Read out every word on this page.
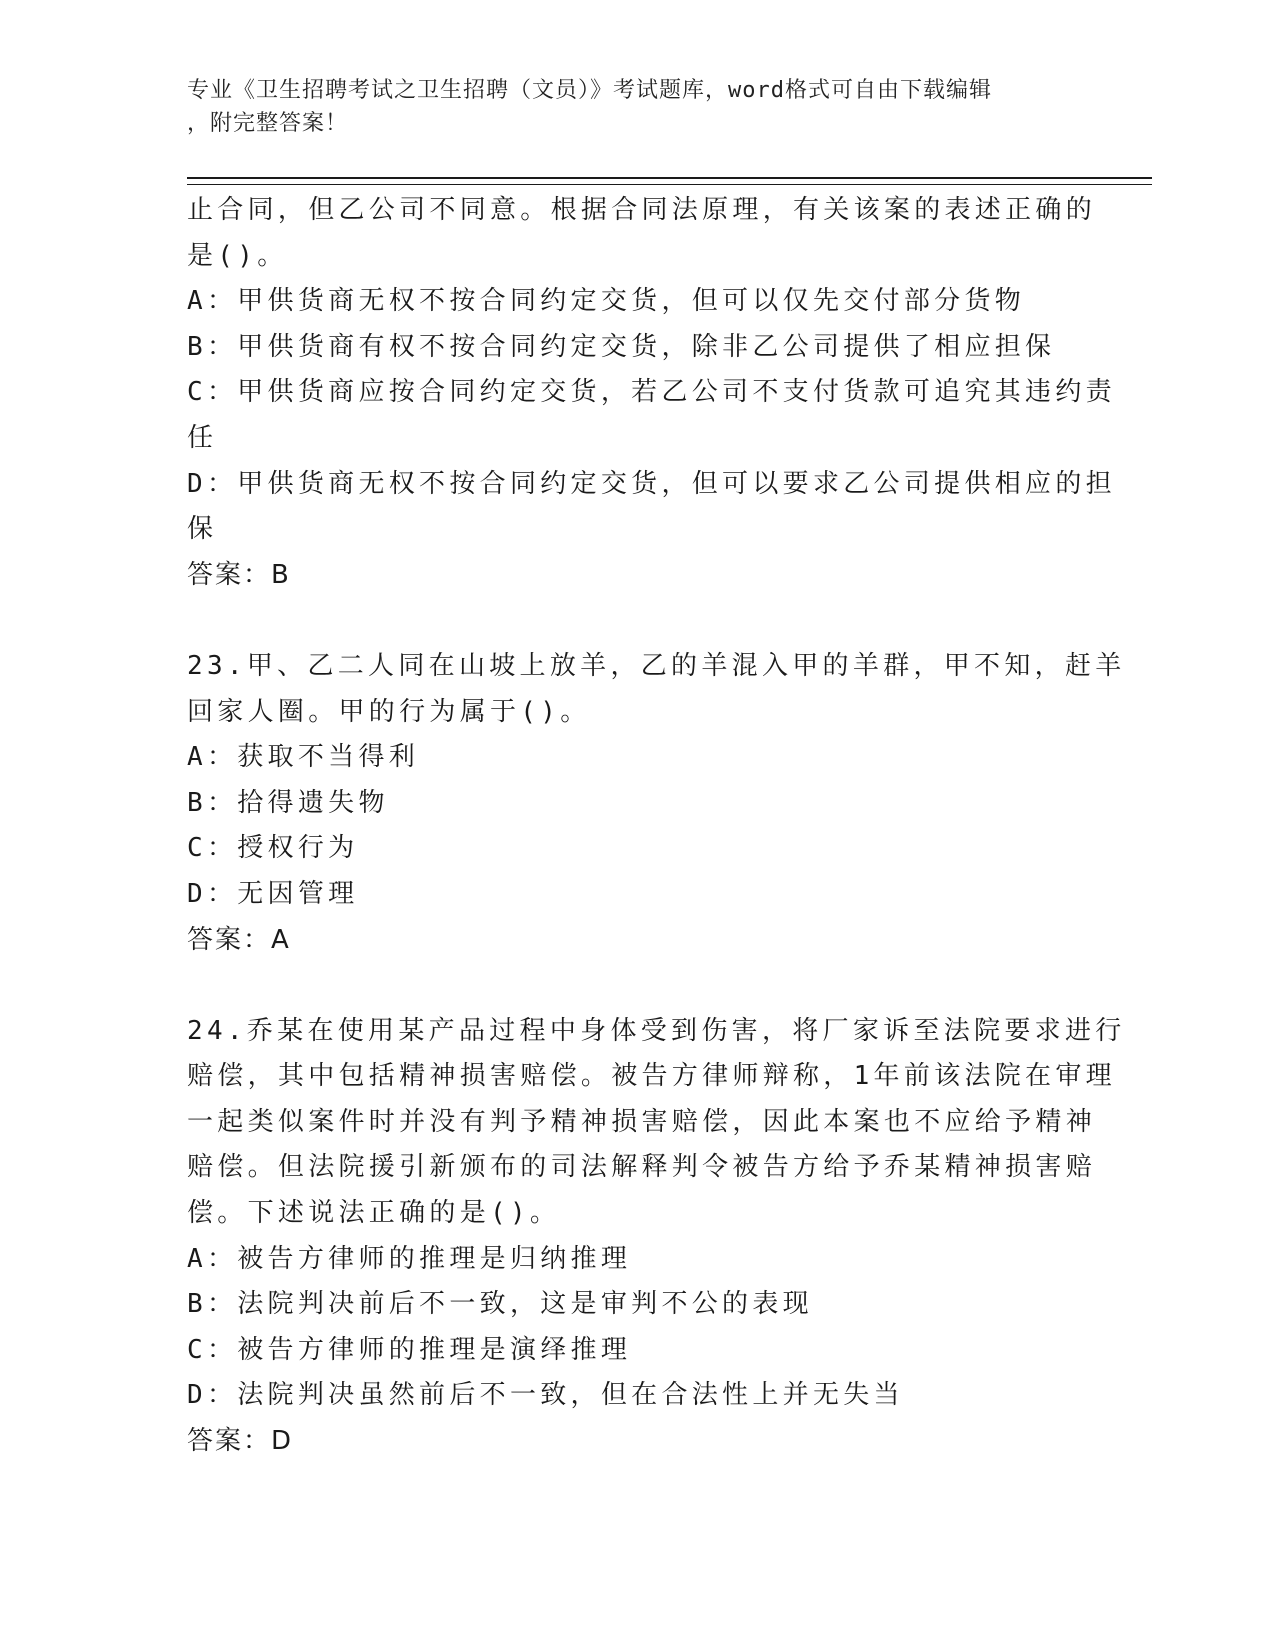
专业《卫生招聘考试之卫生招聘（文员）》考试题库，word格式可自由下载编辑
，附完整答案！
止合同，但乙公司不同意。根据合同法原理，有关该案的表述正确的
是()。
A：甲供货商无权不按合同约定交货，但可以仅先交付部分货物
B：甲供货商有权不按合同约定交货，除非乙公司提供了相应担保
C：甲供货商应按合同约定交货，若乙公司不支付货款可追究其违约责
任
D：甲供货商无权不按合同约定交货，但可以要求乙公司提供相应的担
保
答案：B
23.甲、乙二人同在山坡上放羊，乙的羊混入甲的羊群，甲不知，赶羊
回家人圈。甲的行为属于()。
A：获取不当得利
B：拾得遗失物
C：授权行为
D：无因管理
答案：A
24.乔某在使用某产品过程中身体受到伤害，将厂家诉至法院要求进行
赔偿，其中包括精神损害赔偿。被告方律师辩称，1年前该法院在审理
一起类似案件时并没有判予精神损害赔偿，因此本案也不应给予精神
赔偿。但法院援引新颁布的司法解释判令被告方给予乔某精神损害赔
偿。下述说法正确的是()。
A：被告方律师的推理是归纳推理
B：法院判决前后不一致，这是审判不公的表现
C：被告方律师的推理是演绎推理
D：法院判决虽然前后不一致，但在合法性上并无失当
答案：D
